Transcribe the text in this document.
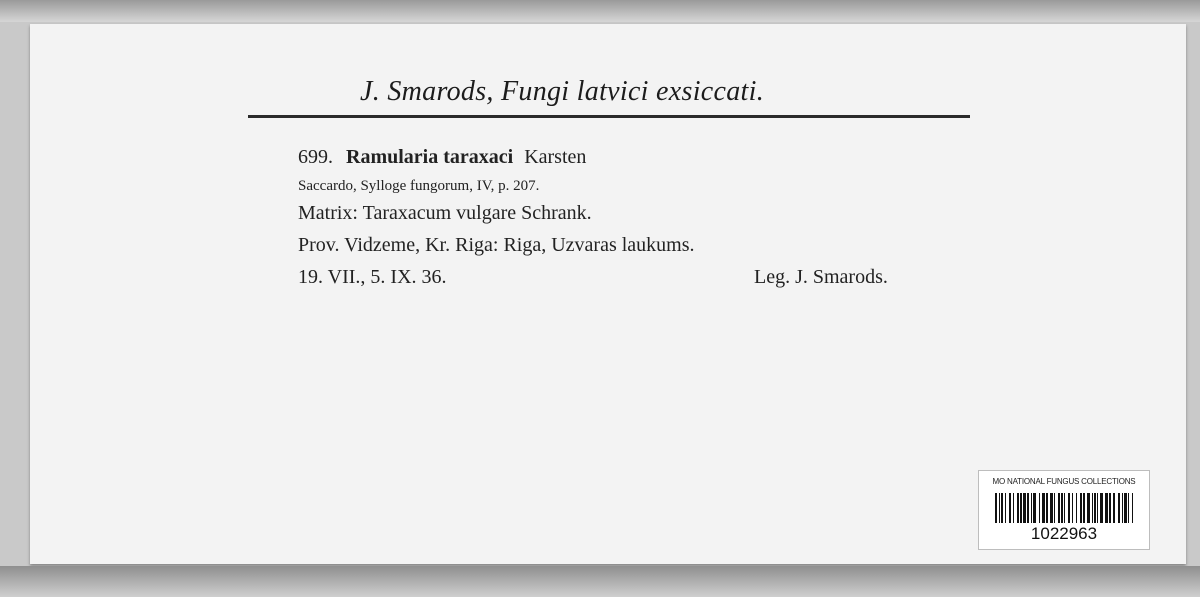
J. Smarods, Fungi latvici exsiccati.
699. Ramularia taraxaci Karsten
Saccardo, Sylloge fungorum, IV, p. 207.
Matrix: Taraxacum vulgare Schrank.
Prov. Vidzeme, Kr. Riga: Riga, Uzvaras laukums.
19. VII., 5. IX. 36.	Leg. J. Smarods.
MO NATIONAL FUNGUS COLLECTIONS
1022963
